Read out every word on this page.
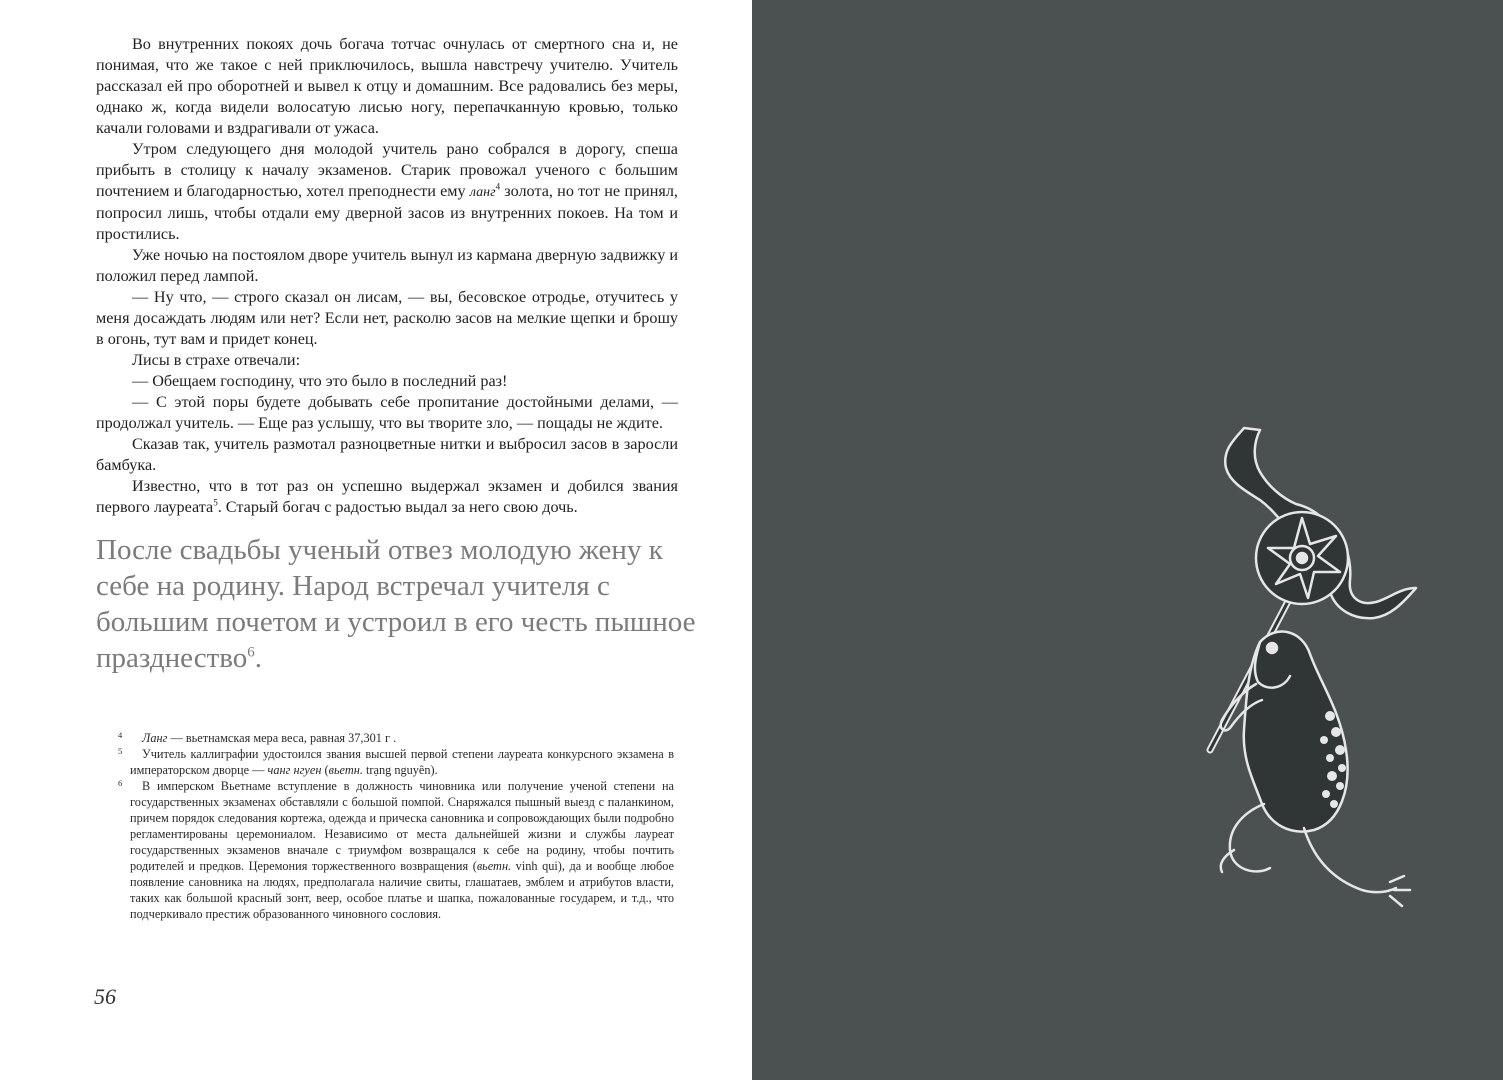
Во внутренних покоях дочь богача тотчас очнулась от смертного сна и, не понимая, что же такое с ней приключилось, вышла навстречу учителю. Учитель рассказал ей про оборотней и вывел к отцу и домашним. Все радовались без меры, однако ж, когда видели волосатую лисью ногу, перепачканную кровью, только качали головами и вздрагивали от ужаса.

Утром следующего дня молодой учитель рано собрался в дорогу, спеша прибыть в столицу к началу экзаменов. Старик провожал ученого с большим почтением и благодарностью, хотел преподнести ему ланг$^4$ золота, но тот не принял, попросил лишь, чтобы отдали ему дверной засов из внутренних покоев. На том и простились.

Уже ночью на постоялом дворе учитель вынул из кармана дверную задвижку и положил перед лампой.

— Ну что, — строго сказал он лисам, — вы, бесовское отродье, отучитесь у меня досаждать людям или нет? Если нет, расколю засов на мелкие щепки и брошу в огонь, тут вам и придет конец.

Лисы в страхе отвечали:

— Обещаем господину, что это было в последний раз!

— С этой поры будете добывать себе пропитание достойными делами, — продолжал учитель. — Еще раз услышу, что вы творите зло, — пощады не ждите.

Сказав так, учитель размотал разноцветные нитки и выбросил засов в заросли бамбука.

Известно, что в тот раз он успешно выдержал экзамен и добился звания первого лауреата$^5$. Старый богач с радостью выдал за него свою дочь.

После свадьбы ученый отвез молодую жену к себе на родину. Народ встречал учителя с большим почетом и устроил в его честь пышное празднество$^6$.
4	Ланг — вьетнамская мера веса, равная 37,301 г .
5	Учитель каллиграфии удостоился звания высшей первой степени лауреата конкурсного экзамена в императорском дворце — чанг нгуен (вьетн. trạng nguyên).
6	В имперском Вьетнаме вступление в должность чиновника или получение ученой степени на государственных экзаменах обставляли с большой помпой. Снаряжался пышный выезд с паланкином, причем порядок следования кортежа, одежда и прическа сановника и сопровождающих были подробно регламентированы церемониалом. Независимо от места дальнейшей жизни и службы лауреат государственных экзаменов вначале с триумфом возвращался к себе на родину, чтобы почтить родителей и предков. Церемония торжественного возвращения (вьетн. vinh qui), да и вообще любое появление сановника на людях, предполагала наличие свиты, глашатаев, эмблем и атрибутов власти, таких как большой красный зонт, веер, особое платье и шапка, пожалованные государем, и т.д., что подчеркивало престиж образованного чиновного сословия.
56
